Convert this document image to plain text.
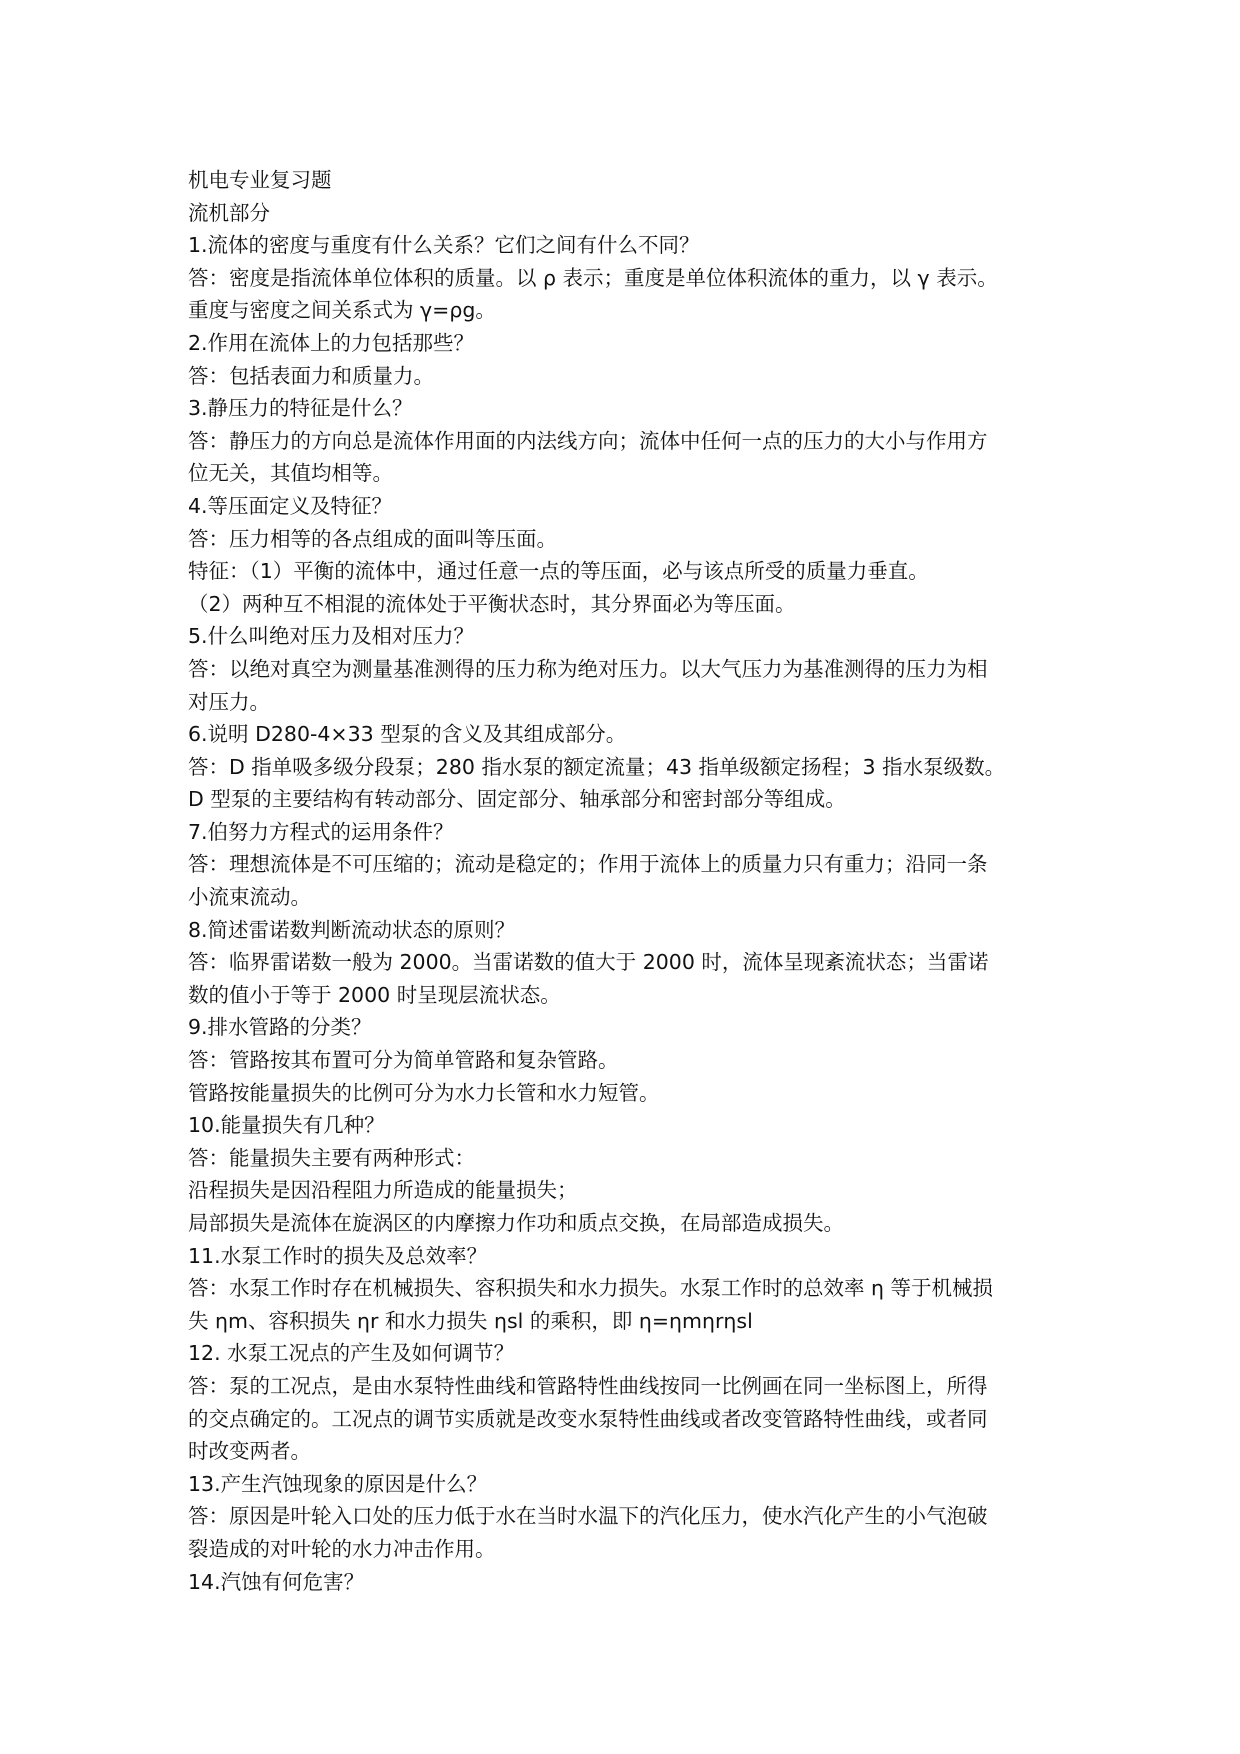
机电专业复习题
流机部分
1.流体的密度与重度有什么关系？它们之间有什么不同？
答：密度是指流体单位体积的质量。以 ρ 表示；重度是单位体积流体的重力，以 γ 表示。
重度与密度之间关系式为 γ=ρg。
2.作用在流体上的力包括那些？
答：包括表面力和质量力。
3.静压力的特征是什么？
答：静压力的方向总是流体作用面的内法线方向；流体中任何一点的压力的大小与作用方
位无关，其值均相等。
4.等压面定义及特征？
答：压力相等的各点组成的面叫等压面。
特征：（1）平衡的流体中，通过任意一点的等压面，必与该点所受的质量力垂直。
（2）两种互不相混的流体处于平衡状态时，其分界面必为等压面。
5.什么叫绝对压力及相对压力？
答：以绝对真空为测量基准测得的压力称为绝对压力。以大气压力为基准测得的压力为相
对压力。
6.说明 D280-4×33 型泵的含义及其组成部分。
答：D 指单吸多级分段泵；280 指水泵的额定流量；43 指单级额定扬程；3 指水泵级数。
D 型泵的主要结构有转动部分、固定部分、轴承部分和密封部分等组成。
7.伯努力方程式的运用条件？
答：理想流体是不可压缩的；流动是稳定的；作用于流体上的质量力只有重力；沿同一条
小流束流动。
8.简述雷诺数判断流动状态的原则？
答：临界雷诺数一般为 2000。当雷诺数的值大于 2000 时，流体呈现紊流状态；当雷诺
数的值小于等于 2000 时呈现层流状态。
9.排水管路的分类？
答：管路按其布置可分为简单管路和复杂管路。
管路按能量损失的比例可分为水力长管和水力短管。
10.能量损失有几种？
答：能量损失主要有两种形式：
沿程损失是因沿程阻力所造成的能量损失；
局部损失是流体在旋涡区的内摩擦力作功和质点交换，在局部造成损失。
11.水泵工作时的损失及总效率？
答：水泵工作时存在机械损失、容积损失和水力损失。水泵工作时的总效率 η 等于机械损
失 ηm、容积损失 ηr 和水力损失 ηsl 的乘积，即 η=ηmηrηsl
12. 水泵工况点的产生及如何调节？
答：泵的工况点，是由水泵特性曲线和管路特性曲线按同一比例画在同一坐标图上，所得
的交点确定的。工况点的调节实质就是改变水泵特性曲线或者改变管路特性曲线，或者同
时改变两者。
13.产生汽蚀现象的原因是什么？
答：原因是叶轮入口处的压力低于水在当时水温下的汽化压力，使水汽化产生的小气泡破
裂造成的对叶轮的水力冲击作用。
14.汽蚀有何危害？
